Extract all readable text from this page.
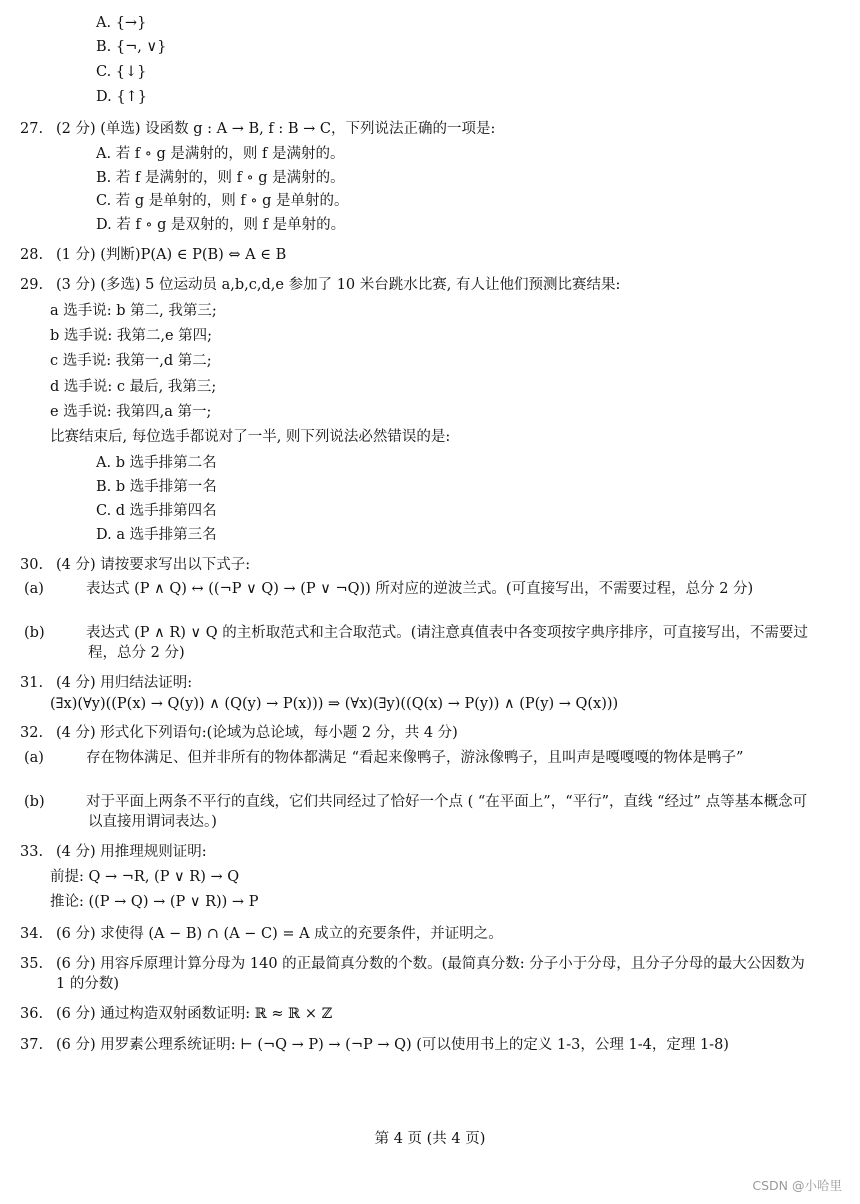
A. {→}
B. {¬, ∨}
C. {↓}
D. {↑}
27. (2 分) (单选) 设函数 g : A → B, f : B → C，下列说法正确的一项是:
A. 若 f ∘ g 是满射的，则 f 是满射的。
B. 若 f 是满射的，则 f ∘ g 是满射的。
C. 若 g 是单射的，则 f ∘ g 是单射的。
D. 若 f ∘ g 是双射的，则 f 是单射的。
28. (1 分) (判断)P(A) ∈ P(B) ⇔ A ∈ B
29. (3 分) (多选) 5 位运动员 a,b,c,d,e 参加了 10 米台跳水比赛, 有人让他们预测比赛结果:
a 选手说: b 第二, 我第三;
b 选手说: 我第二,e 第四;
c 选手说: 我第一,d 第二;
d 选手说: c 最后, 我第三;
e 选手说: 我第四,a 第一;
比赛结束后, 每位选手都说对了一半, 则下列说法必然错误的是:
A. b 选手排第二名
B. b 选手排第一名
C. d 选手排第四名
D. a 选手排第三名
30. (4 分) 请按要求写出以下式子:
(a)	表达式 (P ∧ Q) ↔ ((¬P ∨ Q) → (P ∨ ¬Q)) 所对应的逆波兰式。(可直接写出，不需要过程，总分 2 分)
(b)	表达式 (P ∧ R) ∨ Q 的主析取范式和主合取范式。(请注意真值表中各变项按字典序排序，可直接写出，不需要过程，总分 2 分)
31. (4 分) 用归结法证明:
(∃x)(∀y)((P(x) → Q(y)) ∧ (Q(y) → P(x))) ⇒ (∀x)(∃y)((Q(x) → P(y)) ∧ (P(y) → Q(x)))
32. (4 分) 形式化下列语句:(论域为总论域，每小题 2 分，共 4 分)
(a)	存在物体满足、但并非所有的物体都满足 “看起来像鸭子，游泳像鸭子，且叫声是嘎嘎嘎的物体是鸭子”
(b)	对于平面上两条不平行的直线，它们共同经过了恰好一个点 ( “在平面上”，“平行”，直线 “经过” 点等基本概念可以直接用谓词表达。)
33. (4 分) 用推理规则证明:
前提: Q → ¬R, (P ∨ R) → Q
推论: ((P → Q) → (P ∨ R)) → P
34. (6 分) 求使得 (A − B) ∩ (A − C) = A 成立的充要条件，并证明之。
35. (6 分) 用容斥原理计算分母为 140 的正最简真分数的个数。(最简真分数: 分子小于分母，且分子分母的最大公因数为 1 的分数)
36. (6 分) 通过构造双射函数证明: ℝ ≈ ℝ × ℤ
37. (6 分) 用罗素公理系统证明: ⊢ (¬Q → P) → (¬P → Q) (可以使用书上的定义 1-3，公理 1-4，定理 1-8)
第 4 页 (共 4 页)
CSDN @小哈里
